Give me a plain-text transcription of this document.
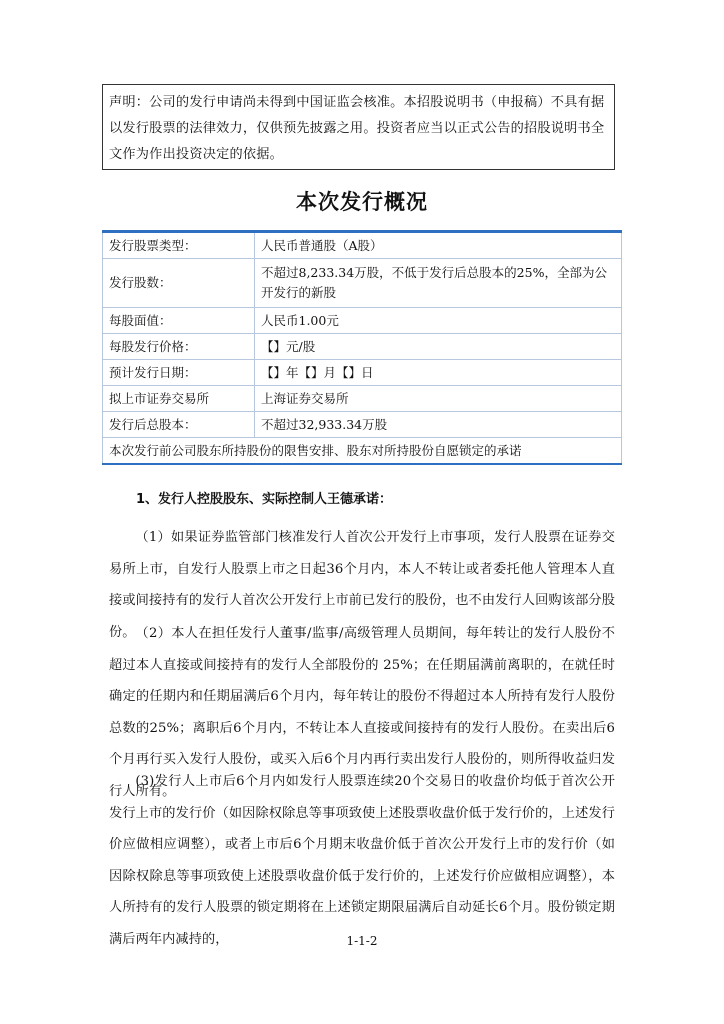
声明：公司的发行申请尚未得到中国证监会核准。本招股说明书（申报稿）不具有据以发行股票的法律效力，仅供预先披露之用。投资者应当以正式公告的招股说明书全文作为作出投资决定的依据。
本次发行概况
发行股票类型：	人民币普通股（A股）
发行股数：	不超过8,233.34万股，不低于发行后总股本的25%，全部为公开发行的新股
每股面值：	人民币1.00元
每股发行价格：	【】元/股
预计发行日期：	【】年【】月【】日
拟上市证券交易所	上海证券交易所
发行后总股本：	不超过32,933.34万股
本次发行前公司股东所持股份的限售安排、股东对所持股份自愿锁定的承诺	
1、发行人控股股东、实际控制人王德承诺：

（1）如果证券监管部门核准发行人首次公开发行上市事项，发行人股票在证券交易所上市，自发行人股票上市之日起36个月内，本人不转让或者委托他人管理本人直接或间接持有的发行人首次公开发行上市前已发行的股份，也不由发行人回购该部分股份。 （2）本人在担任发行人董事/监事/高级管理人员期间，每年转让的发行人股份不超过本人直接或间接持有的发行人全部股份的 25%；在任期届满前离职的，在就任时确定的任期内和任期届满后6个月内，每年转让的股份不得超过本人所持有发行人股份总数的25%；离职后6个月内，不转让本人直接或间接持有的发行人股份。在卖出后6个月再行买入发行人股份，或买入后6个月内再行卖出发行人股份的，则所得收益归发行人所有。

(3)发行人上市后6个月内如发行人股票连续20个交易日的收盘价均低于首次公开发行上市的发行价（如因除权除息等事项致使上述股票收盘价低于发行价的，上述发行价应做相应调整），或者上市后6个月期末收盘价低于首次公开发行上市的发行价（如因除权除息等事项致使上述股票收盘价低于发行价的，上述发行价应做相应调整），本人所持有的发行人股票的锁定期将在上述锁定期限届满后自动延长6个月。股份锁定期满后两年内减持的，	1-1-2
